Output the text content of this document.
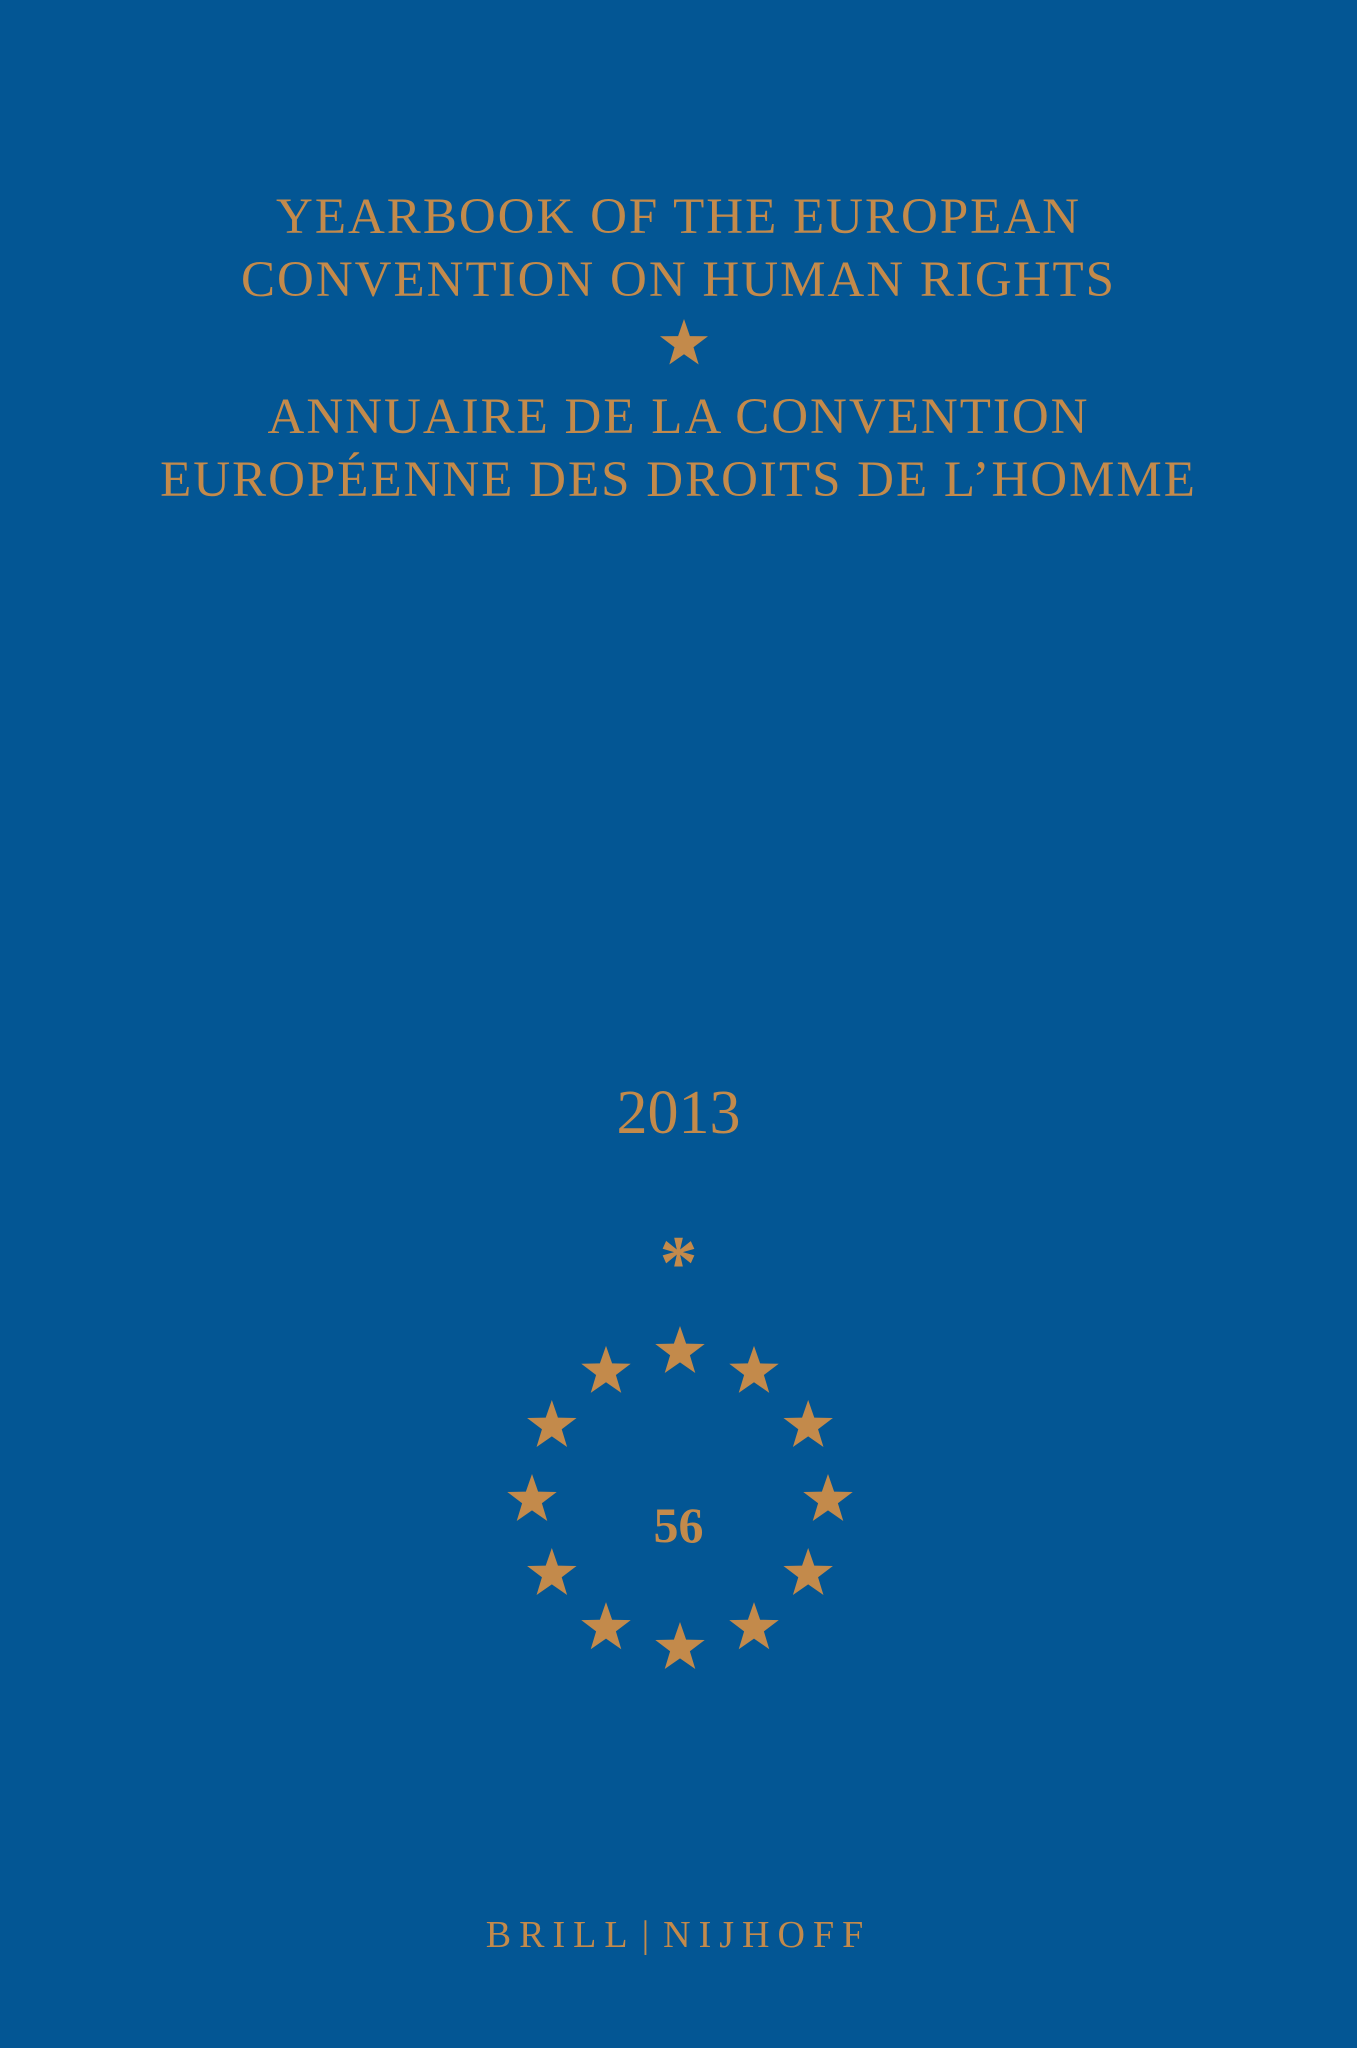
YEARBOOK OF THE EUROPEAN
CONVENTION ON HUMAN RIGHTS
ANNUAIRE DE LA CONVENTION
EUROPÉENNE DES DROITS DE L’HOMME
2013
*
56
BRILL | NIJHOFF
